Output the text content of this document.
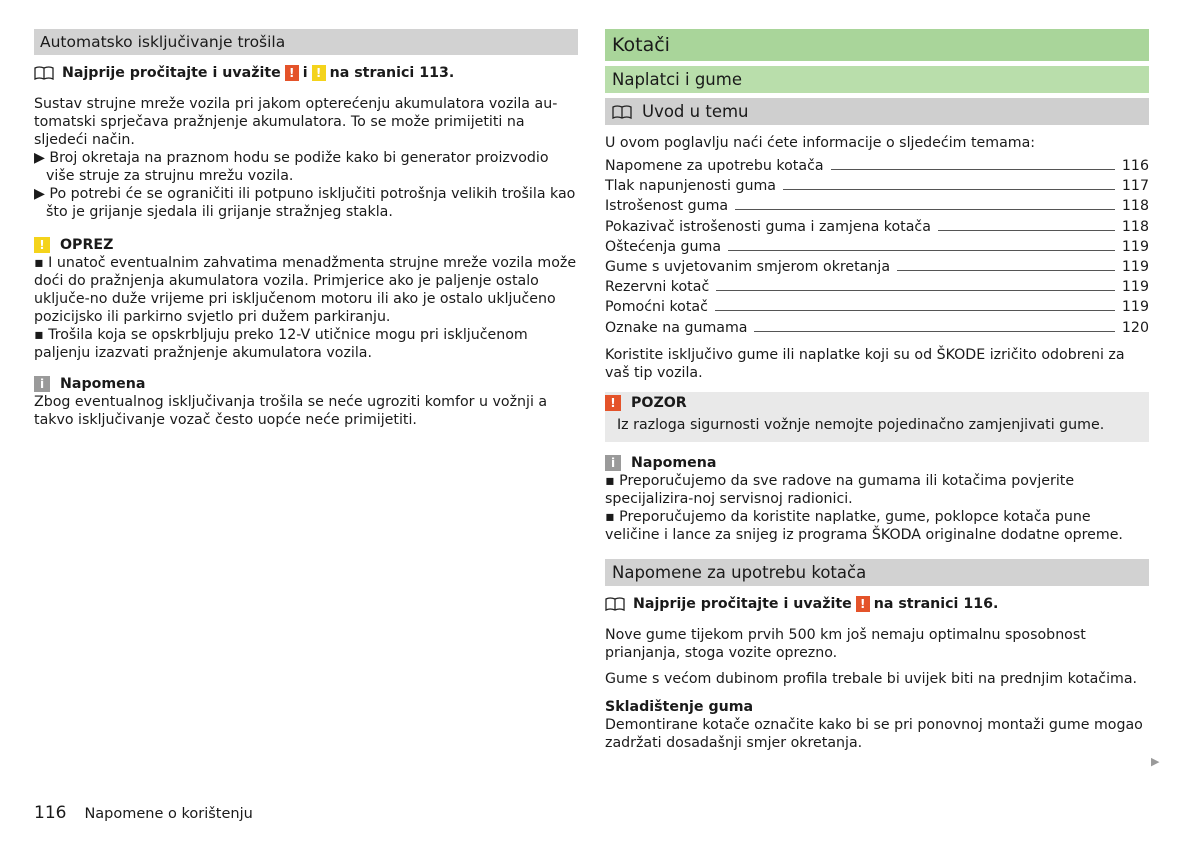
Automatsko isključivanje trošila
Najprije pročitajte i uvažite ! i ! na stranici 113.

Sustav strujne mreže vozila pri jakom opterećenju akumulatora vozila au-tomatski sprječava pražnjenje akumulatora. To se može primijetiti na sljedeći način.

▶ Broj okretaja na praznom hodu se podiže kako bi generator proizvodio više struje za strujnu mrežu vozila.

▶ Po potrebi će se ograničiti ili potpuno isključiti potrošnja velikih trošila kao što je grijanje sjedala ili grijanje stražnjeg stakla.

!	OPREZ

▪ I unatoč eventualnim zahvatima menadžmenta strujne mreže vozila može doći do pražnjenja akumulatora vozila. Primjerice ako je paljenje ostalo uključe-no duže vrijeme pri isključenom motoru ili ako je ostalo uključeno pozicijsko ili parkirno svjetlo pri dužem parkiranju.

▪ Trošila koja se opskrbljuju preko 12-V utičnice mogu pri isključenom paljenju izazvati pražnjenje akumulatora vozila.

i	Napomena

Zbog eventualnog isključivanja trošila se neće ugroziti komfor u vožnji a takvo isključivanje vozač često uopće neće primijetiti.

Kotači
Naplatci i gume
Uvod u temu

U ovom poglavlju naći ćete informacije o sljedećim temama:

Napomene za upotrebu kotača	116
Tlak napunjenosti guma	117
Istrošenost guma	118
Pokazivač istrošenosti guma i zamjena kotača	118
Oštećenja guma	119
Gume s uvjetovanim smjerom okretanja	119
Rezervni kotač	119
Pomoćni kotač	119
Oznake na gumama	120

Koristite isključivo gume ili naplatke koji su od ŠKODE izričito odobreni za vaš tip vozila.

!	POZOR
Iz razloga sigurnosti vožnje nemojte pojedinačno zamjenjivati gume.
i	Napomena

▪ Preporučujemo da sve radove na gumama ili kotačima povjerite specijalizira-noj servisnoj radionici.

▪ Preporučujemo da koristite naplatke, gume, poklopce kotača pune veličine i lance za snijeg iz programa ŠKODA originalne dodatne opreme.

Napomene za upotrebu kotača
Najprije pročitajte i uvažite ! na stranici 116.

Nove gume tijekom prvih 500 km još nemaju optimalnu sposobnost prianjanja, stoga vozite oprezno.

Gume s većom dubinom profila trebale bi uvijek biti na prednjim kotačima.

Skladištenje guma

Demontirane kotače označite kako bi se pri ponovnoj montaži gume mogao zadržati dosadašnji smjer okretanja.

▶
116 Napomene o korištenju
